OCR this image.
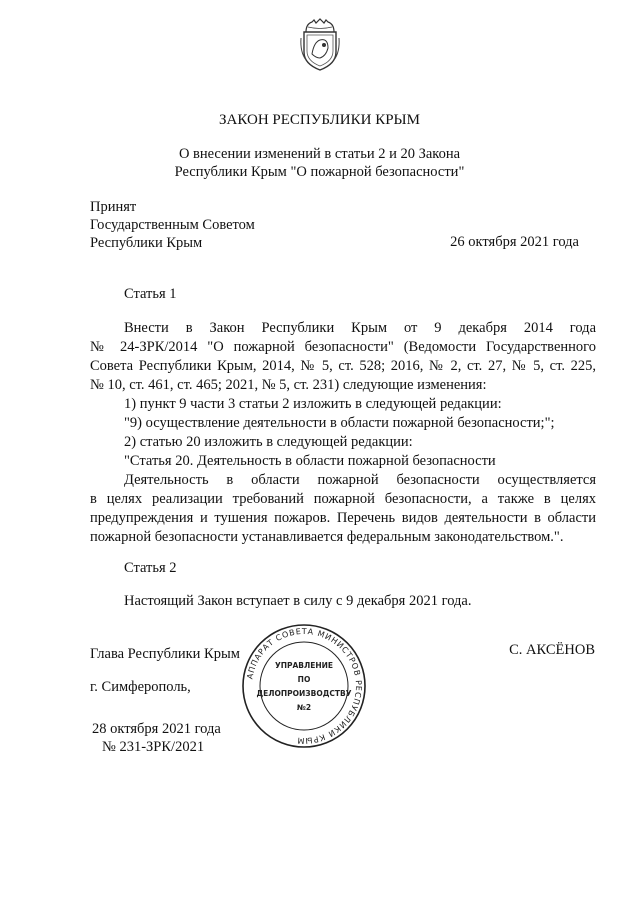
ЗАКОН РЕСПУБЛИКИ КРЫМ
О внесении изменений в статьи 2 и 20 Закона
Республики Крым "О пожарной безопасности"
Принят
Государственным Советом
Республики Крым	26 октября 2021 года
Статья 1

Внести в Закон Республики Крым от 9 декабря 2014 года

№ 24-ЗРК/2014 "О пожарной безопасности" (Ведомости Государственного

Совета Республики Крым, 2014, № 5, ст. 528; 2016, № 2, ст. 27, № 5, ст. 225,

№ 10, ст. 461, ст. 465; 2021, № 5, ст. 231) следующие изменения:

1) пункт 9 части 3 статьи 2 изложить в следующей редакции:

"9) осуществление деятельности в области пожарной безопасности;";

2) статью 20 изложить в следующей редакции:

"Статья 20. Деятельность в области пожарной безопасности

Деятельность в области пожарной безопасности осуществляется

в целях реализации требований пожарной безопасности, а также в целях

предупреждения и тушения пожаров. Перечень видов деятельности в области

пожарной безопасности устанавливается федеральным законодательством.".

Статья 2
Настоящий Закон вступает в силу с 9 декабря 2021 года.
Глава Республики Крым	С. АКСЁНОВ
г. Симферополь,
28 октября 2021 года
№ 231-ЗРК/2021
АППАРАТ СОВЕТА МИНИСТРОВ РЕСПУБЛИКИ КРЫМ
УПРАВЛЕНИЕ
ПО
ДЕЛОПРОИЗВОДСТВУ
№2
